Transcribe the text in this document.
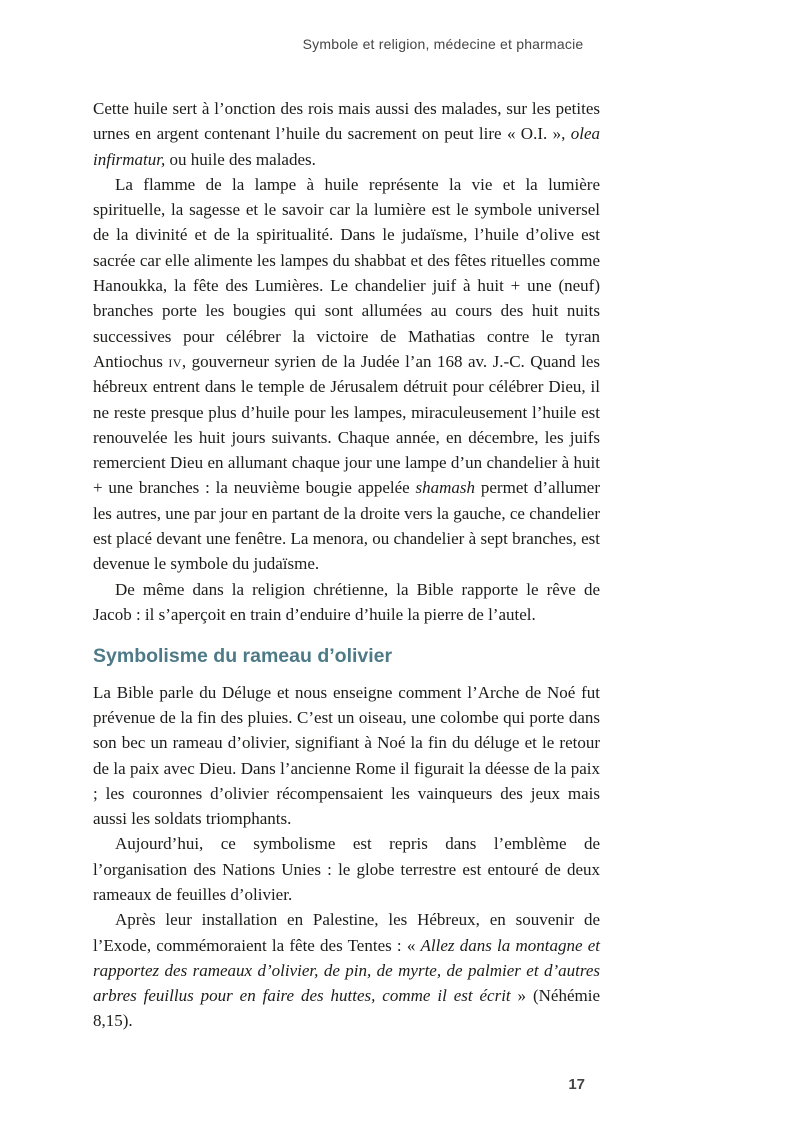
Symbole et religion, médecine et pharmacie

Cette huile sert à l’onction des rois mais aussi des malades, sur les petites urnes en argent contenant l’huile du sacrement on peut lire « O.I. », olea infirmatur, ou huile des malades.

La flamme de la lampe à huile représente la vie et la lumière spirituelle, la sagesse et le savoir car la lumière est le symbole universel de la divinité et de la spiritualité. Dans le judaïsme, l’huile d’olive est sacrée car elle alimente les lampes du shabbat et des fêtes rituelles comme Hanoukka, la fête des Lumières. Le chandelier juif à huit + une (neuf) branches porte les bougies qui sont allumées au cours des huit nuits successives pour célébrer la victoire de Mathatias contre le tyran Antiochus iv, gouverneur syrien de la Judée l’an 168 av. J.-C. Quand les hébreux entrent dans le temple de Jérusalem détruit pour célébrer Dieu, il ne reste presque plus d’huile pour les lampes, miraculeusement l’huile est renouvelée les huit jours suivants. Chaque année, en décembre, les juifs remercient Dieu en allumant chaque jour une lampe d’un chandelier à huit + une branches : la neuvième bougie appelée shamash permet d’allumer les autres, une par jour en partant de la droite vers la gauche, ce chandelier est placé devant une fenêtre. La menora, ou chandelier à sept branches, est devenue le symbole du judaïsme.

De même dans la religion chrétienne, la Bible rapporte le rêve de Jacob : il s’aperçoit en train d’enduire d’huile la pierre de l’autel.

Symbolisme du rameau d’olivier

La Bible parle du Déluge et nous enseigne comment l’Arche de Noé fut prévenue de la fin des pluies. C’est un oiseau, une colombe qui porte dans son bec un rameau d’olivier, signifiant à Noé la fin du déluge et le retour de la paix avec Dieu. Dans l’ancienne Rome il figurait la déesse de la paix ; les couronnes d’olivier récompensaient les vainqueurs des jeux mais aussi les soldats triomphants.

Aujourd’hui, ce symbolisme est repris dans l’emblème de l’organisation des Nations Unies : le globe terrestre est entouré de deux rameaux de feuilles d’olivier.

Après leur installation en Palestine, les Hébreux, en souvenir de l’Exode, commémoraient la fête des Tentes : « Allez dans la montagne et rapportez des rameaux d’olivier, de pin, de myrte, de palmier et d’autres arbres feuillus pour en faire des huttes, comme il est écrit » (Néhémie 8,15).

17
